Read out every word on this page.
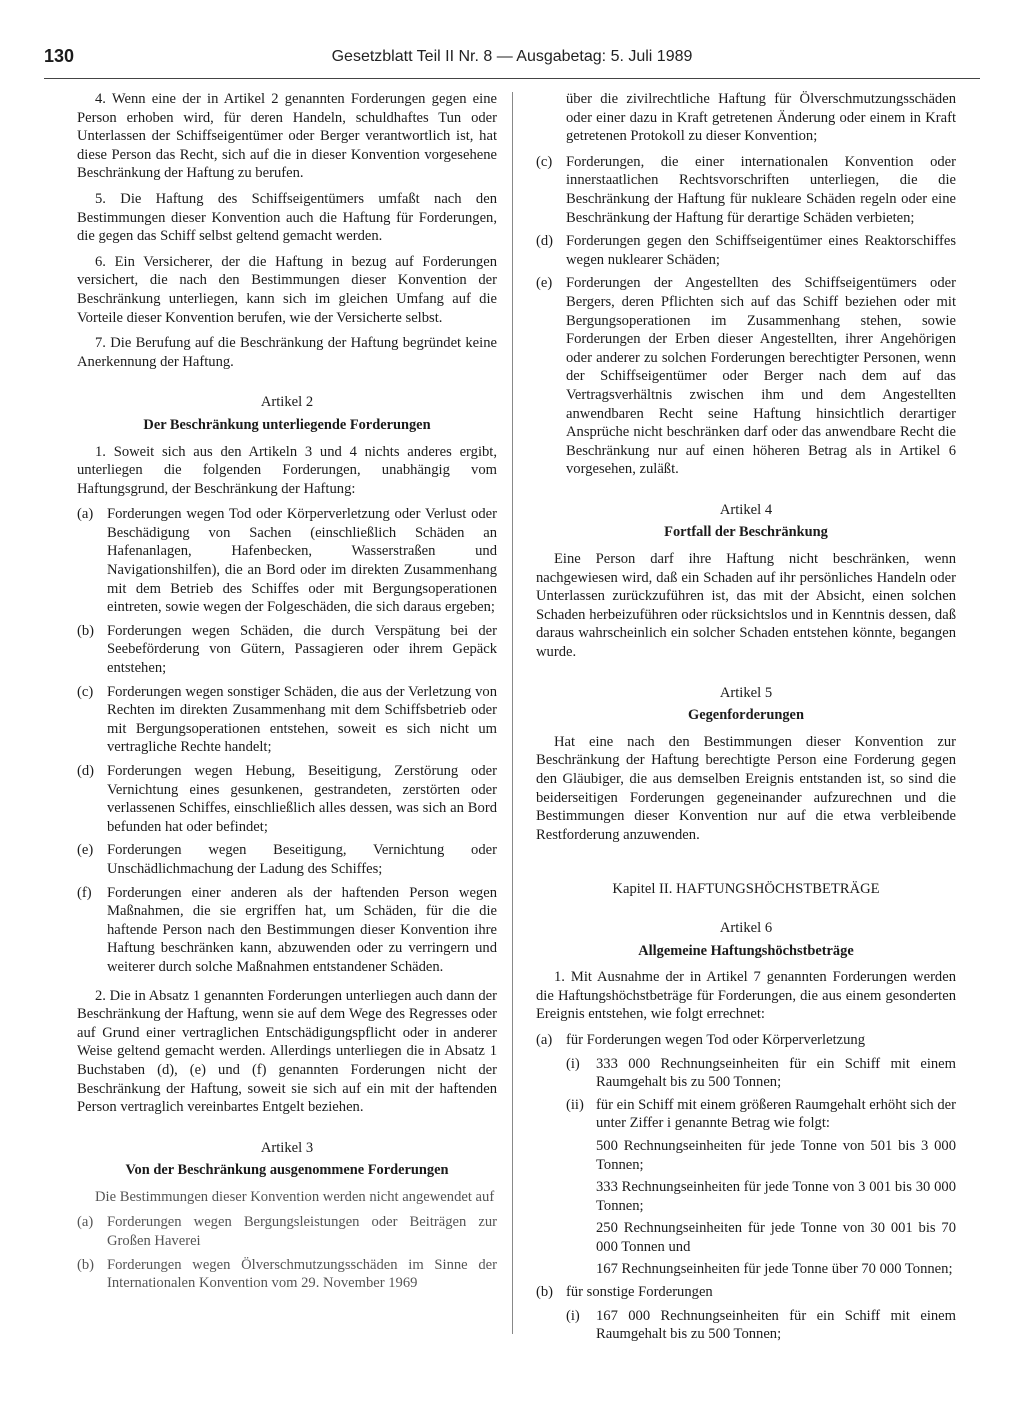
130	Gesetzblatt Teil II Nr. 8 — Ausgabetag: 5. Juli 1989

4. Wenn eine der in Artikel 2 genannten Forderungen gegen eine Person erhoben wird, für deren Handeln, schuldhaftes Tun oder Unterlassen der Schiffseigentümer oder Berger verantwortlich ist, hat diese Person das Recht, sich auf die in dieser Konvention vorgesehene Beschränkung der Haftung zu berufen.

5. Die Haftung des Schiffseigentümers umfaßt nach den Bestimmungen dieser Konvention auch die Haftung für Forderungen, die gegen das Schiff selbst geltend gemacht werden.

6. Ein Versicherer, der die Haftung in bezug auf Forderungen versichert, die nach den Bestimmungen dieser Konvention der Beschränkung unterliegen, kann sich im gleichen Umfang auf die Vorteile dieser Konvention berufen, wie der Versicherte selbst.

7. Die Berufung auf die Beschränkung der Haftung begründet keine Anerkennung der Haftung.

Artikel 2
Der Beschränkung unterliegende Forderungen

1. Soweit sich aus den Artikeln 3 und 4 nichts anderes ergibt, unterliegen die folgenden Forderungen, unabhängig vom Haftungsgrund, der Beschränkung der Haftung:

(a) Forderungen wegen Tod oder Körperverletzung oder Verlust oder Beschädigung von Sachen (einschließlich Schäden an Hafenanlagen, Hafenbecken, Wasserstraßen und Navigationshilfen), die an Bord oder im direkten Zusammenhang mit dem Betrieb des Schiffes oder mit Bergungsoperationen eintreten, sowie wegen der Folgeschäden, die sich daraus ergeben;
(b) Forderungen wegen Schäden, die durch Verspätung bei der Seebeförderung von Gütern, Passagieren oder ihrem Gepäck entstehen;
(c) Forderungen wegen sonstiger Schäden, die aus der Verletzung von Rechten im direkten Zusammenhang mit dem Schiffsbetrieb oder mit Bergungsoperationen entstehen, soweit es sich nicht um vertragliche Rechte handelt;
(d) Forderungen wegen Hebung, Beseitigung, Zerstörung oder Vernichtung eines gesunkenen, gestrandeten, zerstörten oder verlassenen Schiffes, einschließlich alles dessen, was sich an Bord befunden hat oder befindet;
(e) Forderungen wegen Beseitigung, Vernichtung oder Unschädlichmachung der Ladung des Schiffes;
(f) Forderungen einer anderen als der haftenden Person wegen Maßnahmen, die sie ergriffen hat, um Schäden, für die die haftende Person nach den Bestimmungen dieser Konvention ihre Haftung beschränken kann, abzuwenden oder zu verringern und weiterer durch solche Maßnahmen entstandener Schäden.

2. Die in Absatz 1 genannten Forderungen unterliegen auch dann der Beschränkung der Haftung, wenn sie auf dem Wege des Regresses oder auf Grund einer vertraglichen Entschädigungspflicht oder in anderer Weise geltend gemacht werden. Allerdings unterliegen die in Absatz 1 Buchstaben (d), (e) und (f) genannten Forderungen nicht der Beschränkung der Haftung, soweit sie sich auf ein mit der haftenden Person vertraglich vereinbartes Entgelt beziehen.

Artikel 3
Von der Beschränkung ausgenommene Forderungen

Die Bestimmungen dieser Konvention werden nicht angewendet auf

(a) Forderungen wegen Bergungsleistungen oder Beiträgen zur Großen Haverei
(b) Forderungen wegen Ölverschmutzungsschäden im Sinne der Internationalen Konvention vom 29. November 1969
über die zivilrechtliche Haftung für Ölverschmutzungsschäden oder einer dazu in Kraft getretenen Änderung oder einem in Kraft getretenen Protokoll zu dieser Konvention;
(c) Forderungen, die einer internationalen Konvention oder innerstaatlichen Rechtsvorschriften unterliegen, die die Beschränkung der Haftung für nukleare Schäden regeln oder eine Beschränkung der Haftung für derartige Schäden verbieten;
(d) Forderungen gegen den Schiffseigentümer eines Reaktorschiffes wegen nuklearer Schäden;
(e) Forderungen der Angestellten des Schiffseigentümers oder Bergers, deren Pflichten sich auf das Schiff beziehen oder mit Bergungsoperationen im Zusammenhang stehen, sowie Forderungen der Erben dieser Angestellten, ihrer Angehörigen oder anderer zu solchen Forderungen berechtigter Personen, wenn der Schiffseigentümer oder Berger nach dem auf das Vertragsverhältnis zwischen ihm und dem Angestellten anwendbaren Recht seine Haftung hinsichtlich derartiger Ansprüche nicht beschränken darf oder das anwendbare Recht die Beschränkung nur auf einen höheren Betrag als in Artikel 6 vorgesehen, zuläßt.
Artikel 4
Fortfall der Beschränkung

Eine Person darf ihre Haftung nicht beschränken, wenn nachgewiesen wird, daß ein Schaden auf ihr persönliches Handeln oder Unterlassen zurückzuführen ist, das mit der Absicht, einen solchen Schaden herbeizuführen oder rücksichtslos und in Kenntnis dessen, daß daraus wahrscheinlich ein solcher Schaden entstehen könnte, begangen wurde.

Artikel 5
Gegenforderungen

Hat eine nach den Bestimmungen dieser Konvention zur Beschränkung der Haftung berechtigte Person eine Forderung gegen den Gläubiger, die aus demselben Ereignis entstanden ist, so sind die beiderseitigen Forderungen gegeneinander aufzurechnen und die Bestimmungen dieser Konvention nur auf die etwa verbleibende Restforderung anzuwenden.

Kapitel II. HAFTUNGSHÖCHSTBETRÄGE
Artikel 6
Allgemeine Haftungshöchstbeträge

1. Mit Ausnahme der in Artikel 7 genannten Forderungen werden die Haftungshöchstbeträge für Forderungen, die aus einem gesonderten Ereignis entstehen, wie folgt errechnet:

(a) für Forderungen wegen Tod oder Körperverletzung
(i) 333 000 Rechnungseinheiten für ein Schiff mit einem Raumgehalt bis zu 500 Tonnen;
(ii) für ein Schiff mit einem größeren Raumgehalt erhöht sich der unter Ziffer i genannte Betrag wie folgt:
500 Rechnungseinheiten für jede Tonne von 501 bis 3 000 Tonnen;
333 Rechnungseinheiten für jede Tonne von 3 001 bis 30 000 Tonnen;
250 Rechnungseinheiten für jede Tonne von 30 001 bis 70 000 Tonnen und
167 Rechnungseinheiten für jede Tonne über 70 000 Tonnen;
(b) für sonstige Forderungen
(i) 167 000 Rechnungseinheiten für ein Schiff mit einem Raumgehalt bis zu 500 Tonnen;
